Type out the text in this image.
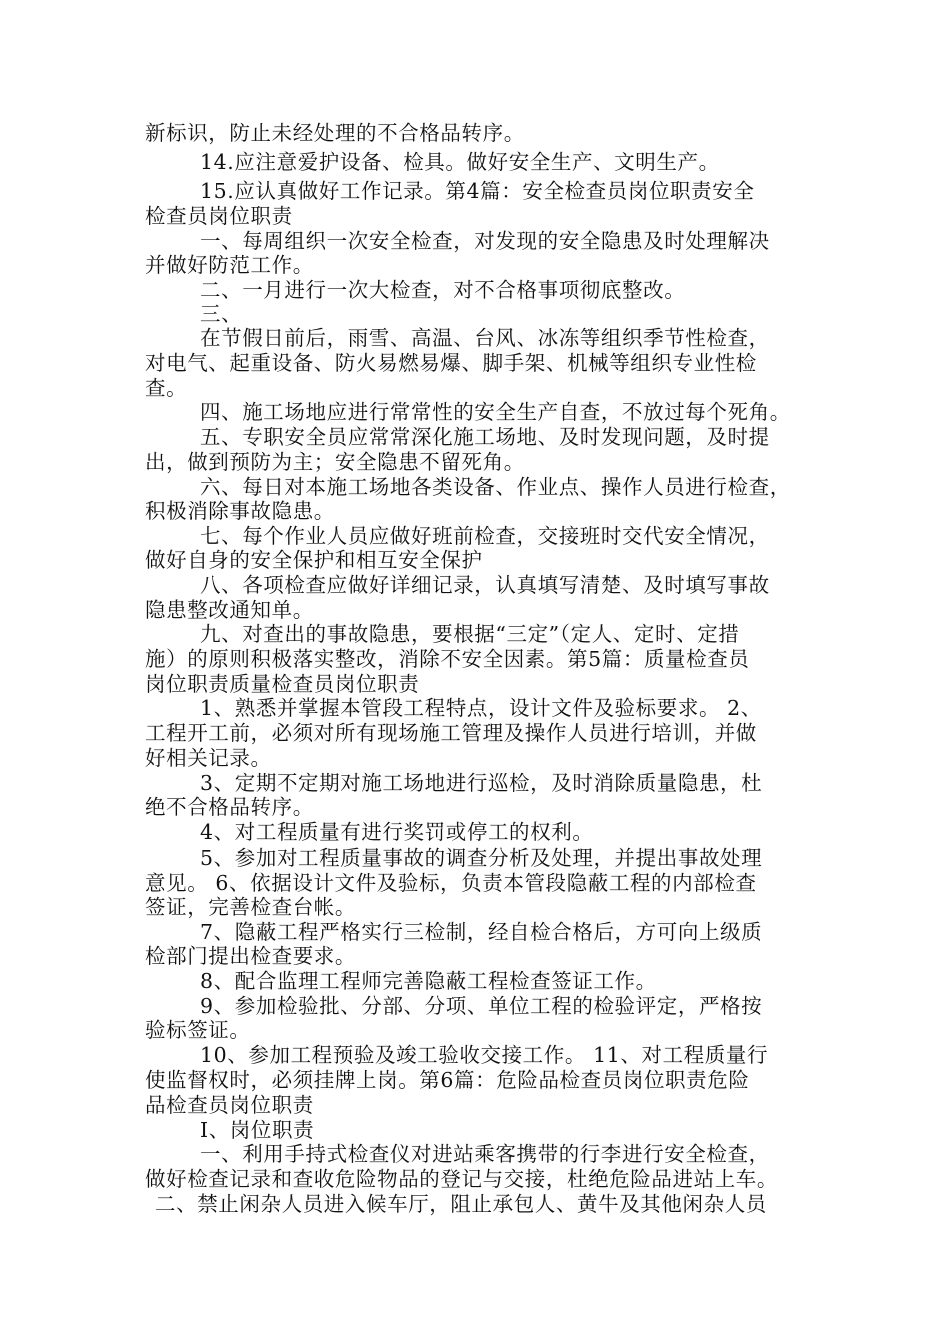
新标识，防止未经处理的不合格品转序。
14.应注意爱护设备、检具。做好安全生产、文明生产。
15.应认真做好工作记录。第4篇：安全检查员岗位职责安全
检查员岗位职责
一、每周组织一次安全检查，对发现的安全隐患及时处理解决
并做好防范工作。
二、一月进行一次大检查，对不合格事项彻底整改。
三、
在节假日前后，雨雪、高温、台风、冰冻等组织季节性检查，
对电气、起重设备、防火易燃易爆、脚手架、机械等组织专业性检
查。
四、施工场地应进行常常性的安全生产自查，不放过每个死角。
五、专职安全员应常常深化施工场地、及时发现问题，及时提
出，做到预防为主；安全隐患不留死角。
六、每日对本施工场地各类设备、作业点、操作人员进行检查，
积极消除事故隐患。
七、每个作业人员应做好班前检查，交接班时交代安全情况，
做好自身的安全保护和相互安全保护
八、各项检查应做好详细记录，认真填写清楚、及时填写事故
隐患整改通知单。
九、对查出的事故隐患，要根据“三定”（定人、定时、定措
施）的原则积极落实整改，消除不安全因素。第5篇：质量检查员
岗位职责质量检查员岗位职责
1、熟悉并掌握本管段工程特点，设计文件及验标要求。 2、
工程开工前，必须对所有现场施工管理及操作人员进行培训，并做
好相关记录。
3、定期不定期对施工场地进行巡检，及时消除质量隐患，杜
绝不合格品转序。
4、对工程质量有进行奖罚或停工的权利。
5、参加对工程质量事故的调查分析及处理，并提出事故处理
意见。 6、依据设计文件及验标，负责本管段隐蔽工程的内部检查
签证，完善检查台帐。
7、隐蔽工程严格实行三检制，经自检合格后，方可向上级质
检部门提出检查要求。
8、配合监理工程师完善隐蔽工程检查签证工作。
9、参加检验批、分部、分项、单位工程的检验评定，严格按
验标签证。
10、参加工程预验及竣工验收交接工作。 11、对工程质量行
使监督权时，必须挂牌上岗。第6篇：危险品检查员岗位职责危险
品检查员岗位职责
Ⅰ、岗位职责
一、利用手持式检查仪对进站乘客携带的行李进行安全检查，
做好检查记录和查收危险物品的登记与交接，杜绝危险品进站上车。
二、禁止闲杂人员进入候车厅，阻止承包人、黄牛及其他闲杂人员
